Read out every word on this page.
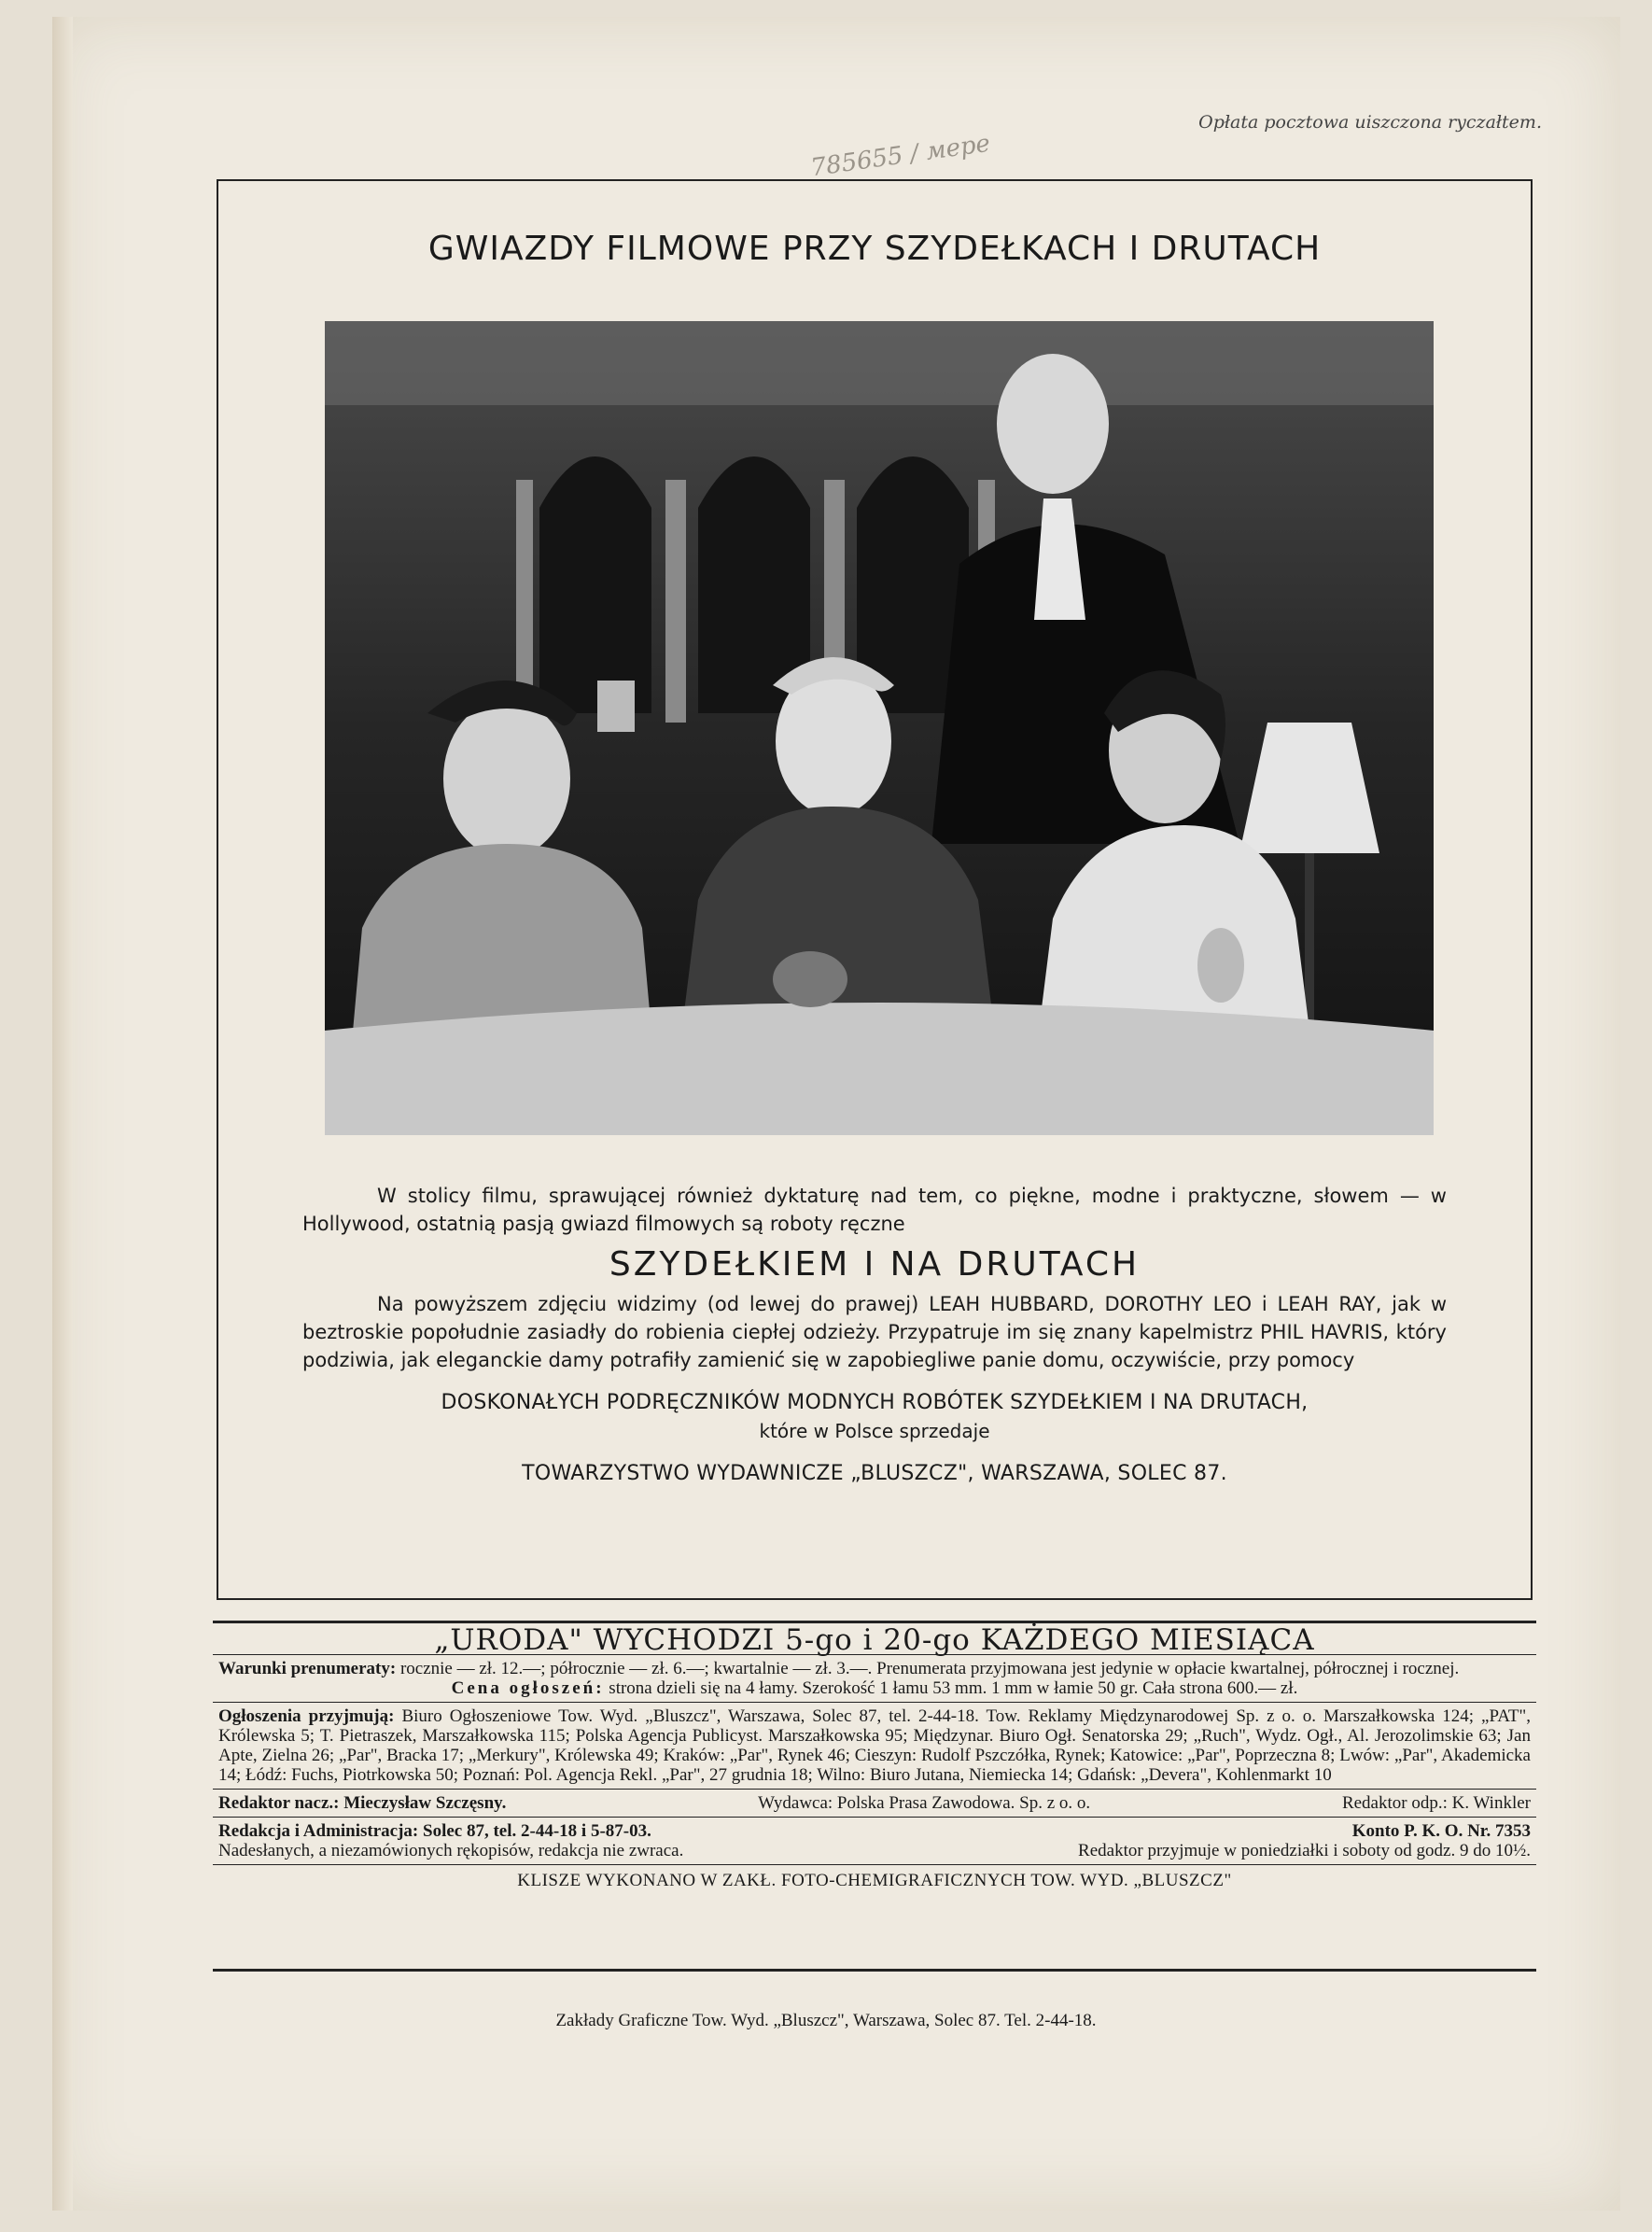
Opłata pocztowa uiszczona ryczałtem.
785655 / мерe
GWIAZDY FILMOWE PRZY SZYDEŁKACH I DRUTACH

W stolicy filmu, sprawującej również dyktaturę nad tem, co piękne, modne i praktyczne, słowem — w Hollywood, ostatnią pasją gwiazd filmowych są roboty ręczne

SZYDEŁKIEM I NA DRUTACH

Na powyższem zdjęciu widzimy (od lewej do prawej) LEAH HUBBARD, DOROTHY LEO i LEAH RAY, jak w beztroskie popołudnie zasiadły do robienia ciepłej odzieży. Przypatruje im się znany kapelmistrz PHIL HAVRIS, który podziwia, jak eleganckie damy potrafiły zamienić się w zapobiegliwe panie domu, oczywiście, przy pomocy

DOSKONAŁYCH PODRĘCZNIKÓW MODNYCH ROBÓTEK SZYDEŁKIEM I NA DRUTACH,

które w Polsce sprzedaje

TOWARZYSTWO WYDAWNICZE „BLUSZCZ", WARSZAWA, SOLEC 87.

„URODA" WYCHODZI 5-go i 20-go KAŻDEGO MIESIĄCA
Warunki prenumeraty: rocznie — zł. 12.—; półrocznie — zł. 6.—; kwartalnie — zł. 3.—. Prenumerata przyjmowana jest jedynie w opłacie kwartalnej, półrocznej i rocznej.
Cena ogłoszeń: strona dzieli się na 4 łamy. Szerokość 1 łamu 53 mm. 1 mm w łamie 50 gr. Cała strona 600.— zł.
Ogłoszenia przyjmują: Biuro Ogłoszeniowe Tow. Wyd. „Bluszcz", Warszawa, Solec 87, tel. 2-44-18. Tow. Reklamy Międzynarodowej Sp. z o. o. Marszałkowska 124; „PAT", Królewska 5; T. Pietraszek, Marszałkowska 115; Polska Agencja Publicyst. Marszałkowska 95; Międzynar. Biuro Ogł. Senatorska 29; „Ruch", Wydz. Ogł., Al. Jerozolimskie 63; Jan Apte, Zielna 26; „Par", Bracka 17; „Merkury", Królewska 49; Kraków: „Par", Rynek 46; Cieszyn: Rudolf Pszczółka, Rynek; Katowice: „Par", Poprzeczna 8; Lwów: „Par", Akademicka 14; Łódź: Fuchs, Piotrkowska 50; Poznań: Pol. Agencja Rekl. „Par", 27 grudnia 18; Wilno: Biuro Jutana, Niemiecka 14; Gdańsk: „Devera", Kohlenmarkt 10
Redaktor nacz.: Mieczysław Szczęsny.	Wydawca: Polska Prasa Zawodowa. Sp. z o. o.	Redaktor odp.: K. Winkler
Redakcja i Administracja: Solec 87, tel. 2-44-18 i 5-87-03.	Konto P. K. O. Nr. 7353
Nadesłanych, a niezamówionych rękopisów, redakcja nie zwraca.	Redaktor przyjmuje w poniedziałki i soboty od godz. 9 do 10½.
KLISZE WYKONANO W ZAKŁ. FOTO-CHEMIGRAFICZNYCH TOW. WYD. „BLUSZCZ"
Zakłady Graficzne Tow. Wyd. „Bluszcz", Warszawa, Solec 87. Tel. 2-44-18.
